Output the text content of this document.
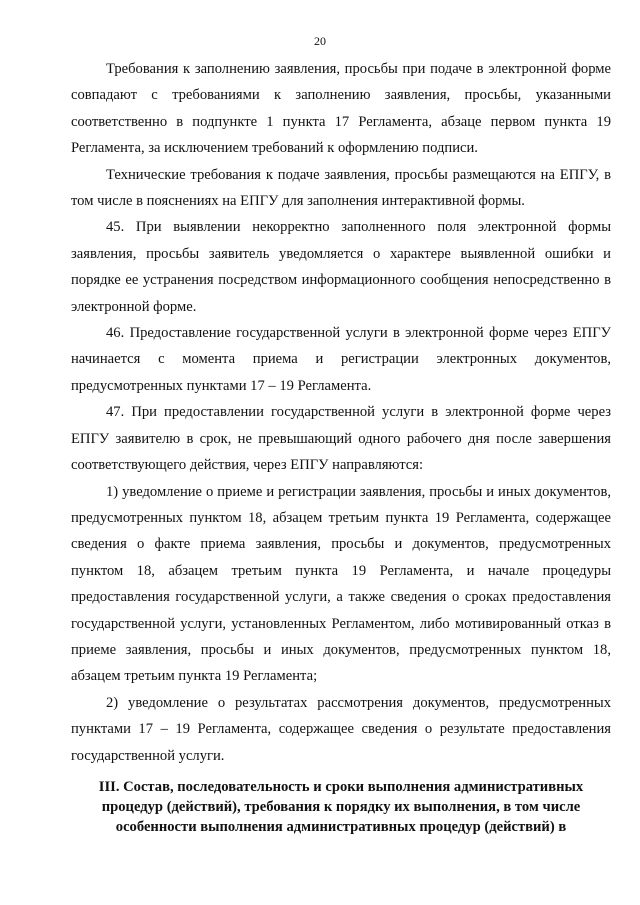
20

Требования к заполнению заявления, просьбы при подаче в электронной форме совпадают с требованиями к заполнению заявления, просьбы, указанными соответственно в подпункте 1 пункта 17 Регламента, абзаце первом пункта 19 Регламента, за исключением требований к оформлению подписи.

Технические требования к подаче заявления, просьбы размещаются на ЕПГУ, в том числе в пояснениях на ЕПГУ для заполнения интерактивной формы.

45. При выявлении некорректно заполненного поля электронной формы заявления, просьбы заявитель уведомляется о характере выявленной ошибки и порядке ее устранения посредством информационного сообщения непосредственно в электронной форме.

46. Предоставление государственной услуги в электронной форме через ЕПГУ начинается с момента приема и регистрации электронных документов, предусмотренных пунктами 17 – 19 Регламента.

47. При предоставлении государственной услуги в электронной форме через ЕПГУ заявителю в срок, не превышающий одного рабочего дня после завершения соответствующего действия, через ЕПГУ направляются:

1) уведомление о приеме и регистрации заявления, просьбы и иных документов, предусмотренных пунктом 18, абзацем третьим пункта 19 Регламента, содержащее сведения о факте приема заявления, просьбы и документов, предусмотренных пунктом 18, абзацем третьим пункта 19 Регламента, и начале процедуры предоставления государственной услуги, а также сведения о сроках предоставления государственной услуги, установленных Регламентом, либо мотивированный отказ в приеме заявления, просьбы и иных документов, предусмотренных пунктом 18, абзацем третьим пункта 19 Регламента;

2) уведомление о результатах рассмотрения документов, предусмотренных пунктами 17 – 19 Регламента, содержащее сведения о результате предоставления государственной услуги.

III. Состав, последовательность и сроки выполнения административных процедур (действий), требования к порядку их выполнения, в том числе особенности выполнения административных процедур (действий) в
